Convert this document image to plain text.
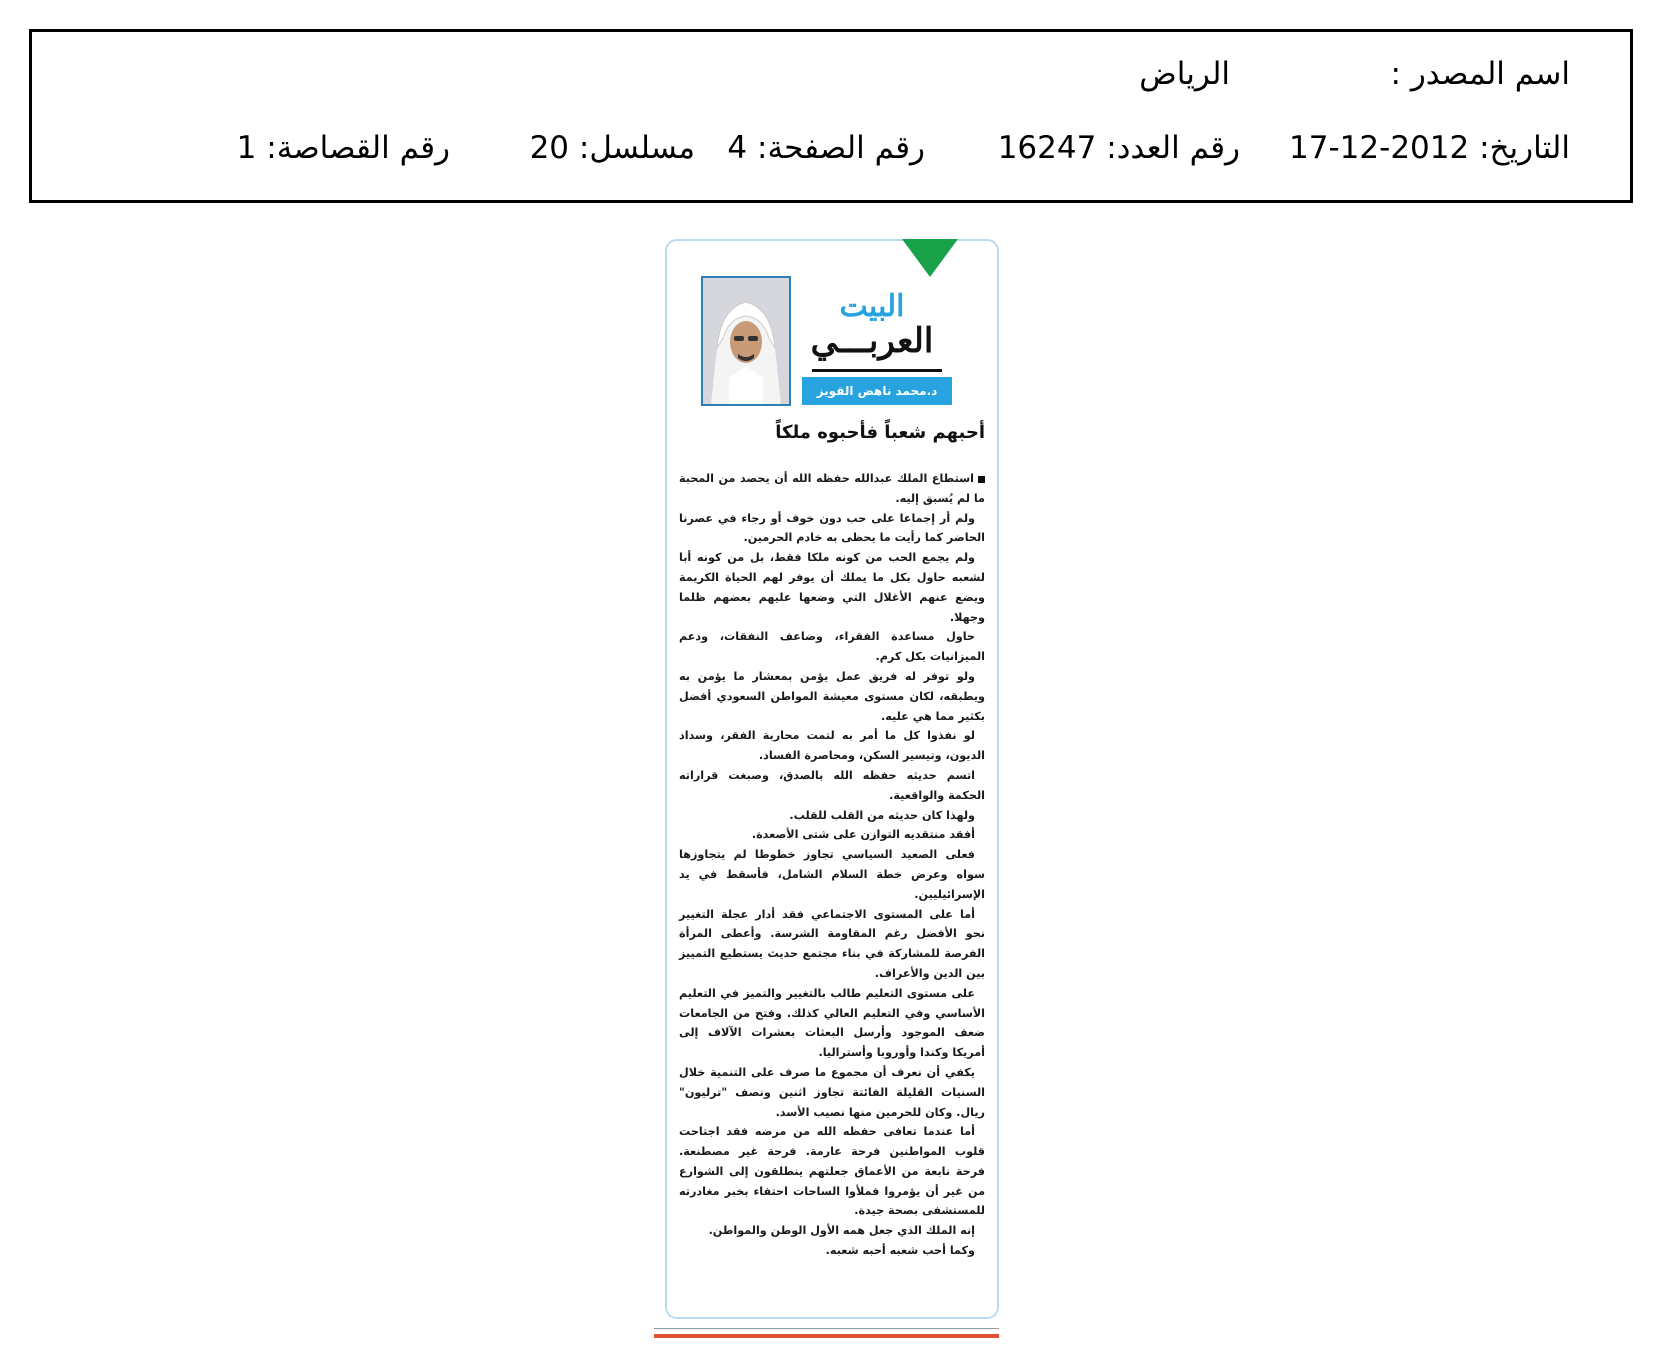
اسم المصدر :
الرياض
التاريخ: 2012-12-17
رقم العدد: 16247
رقم الصفحة: 4
مسلسل: 20
رقم القصاصة: 1
البيت
العربـــي
د.محمد ناهض القويز
أحبهم شعباً فأحبوه ملكاً

استطاع الملك عبدالله حفظه الله أن يحصد من المحبة ما لم يُسبق إليه.

ولم أر إجماعا على حب دون خوف أو رجاء في عصرنا الحاضر كما رأيت ما يحظى به خادم الحرمين.

ولم يجمع الحب من كونه ملكا فقط، بل من كونه أبا لشعبه حاول بكل ما يملك أن يوفر لهم الحياة الكريمة ويضع عنهم الأغلال التي وضعها عليهم بعضهم ظلما وجهلا.

حاول مساعدة الفقراء، وضاعف النفقات، ودعم الميزانيات بكل كرم.

ولو توفر له فريق عمل يؤمن بمعشار ما يؤمن به ويطبقه، لكان مستوى معيشة المواطن السعودي أفضل بكثير مما هي عليه.

لو نفذوا كل ما أمر به لتمت محاربة الفقر، وسداد الديون، وتيسير السكن، ومحاصرة الفساد.

اتسم حديثه حفظه الله بالصدق، وصبغت قراراته الحكمة والواقعية.

ولهذا كان حديثه من القلب للقلب.

أفقد منتقديه التوازن على شتى الأصعدة.

فعلى الصعيد السياسي تجاوز خطوطا لم يتجاوزها سواه وعرض خطة السلام الشامل، فأسقط في يد الإسرائيليين.

أما على المستوى الاجتماعي فقد أدار عجلة التغيير نحو الأفضل رغم المقاومة الشرسة. وأعطى المرأة الفرصة للمشاركة في بناء مجتمع حديث يستطيع التمييز بين الدين والأعراف.

على مستوى التعليم طالب بالتغيير والتميز في التعليم الأساسي وفي التعليم العالي كذلك. وفتح من الجامعات ضعف الموجود وأرسل البعثات بعشرات الآلاف إلى أمريكا وكندا وأوروبا وأستراليا.

يكفي أن نعرف أن مجموع ما صرف على التنمية خلال السنيات القليلة الفائتة تجاوز اثنين ونصف "ترليون" ريال. وكان للحرمين منها نصيب الأسد.

أما عندما تعافى حفظه الله من مرضه فقد اجتاحت قلوب المواطنين فرحة عارمة. فرحة غير مصطنعة. فرحة نابعة من الأعماق جعلتهم ينطلقون إلى الشوارع من غير أن يؤمروا فملأوا الساحات احتفاء بخبر مغادرته للمستشفى بصحة جيدة.

إنه الملك الذي جعل همه الأول الوطن والمواطن.

وكما أحب شعبه أحبه شعبه.
